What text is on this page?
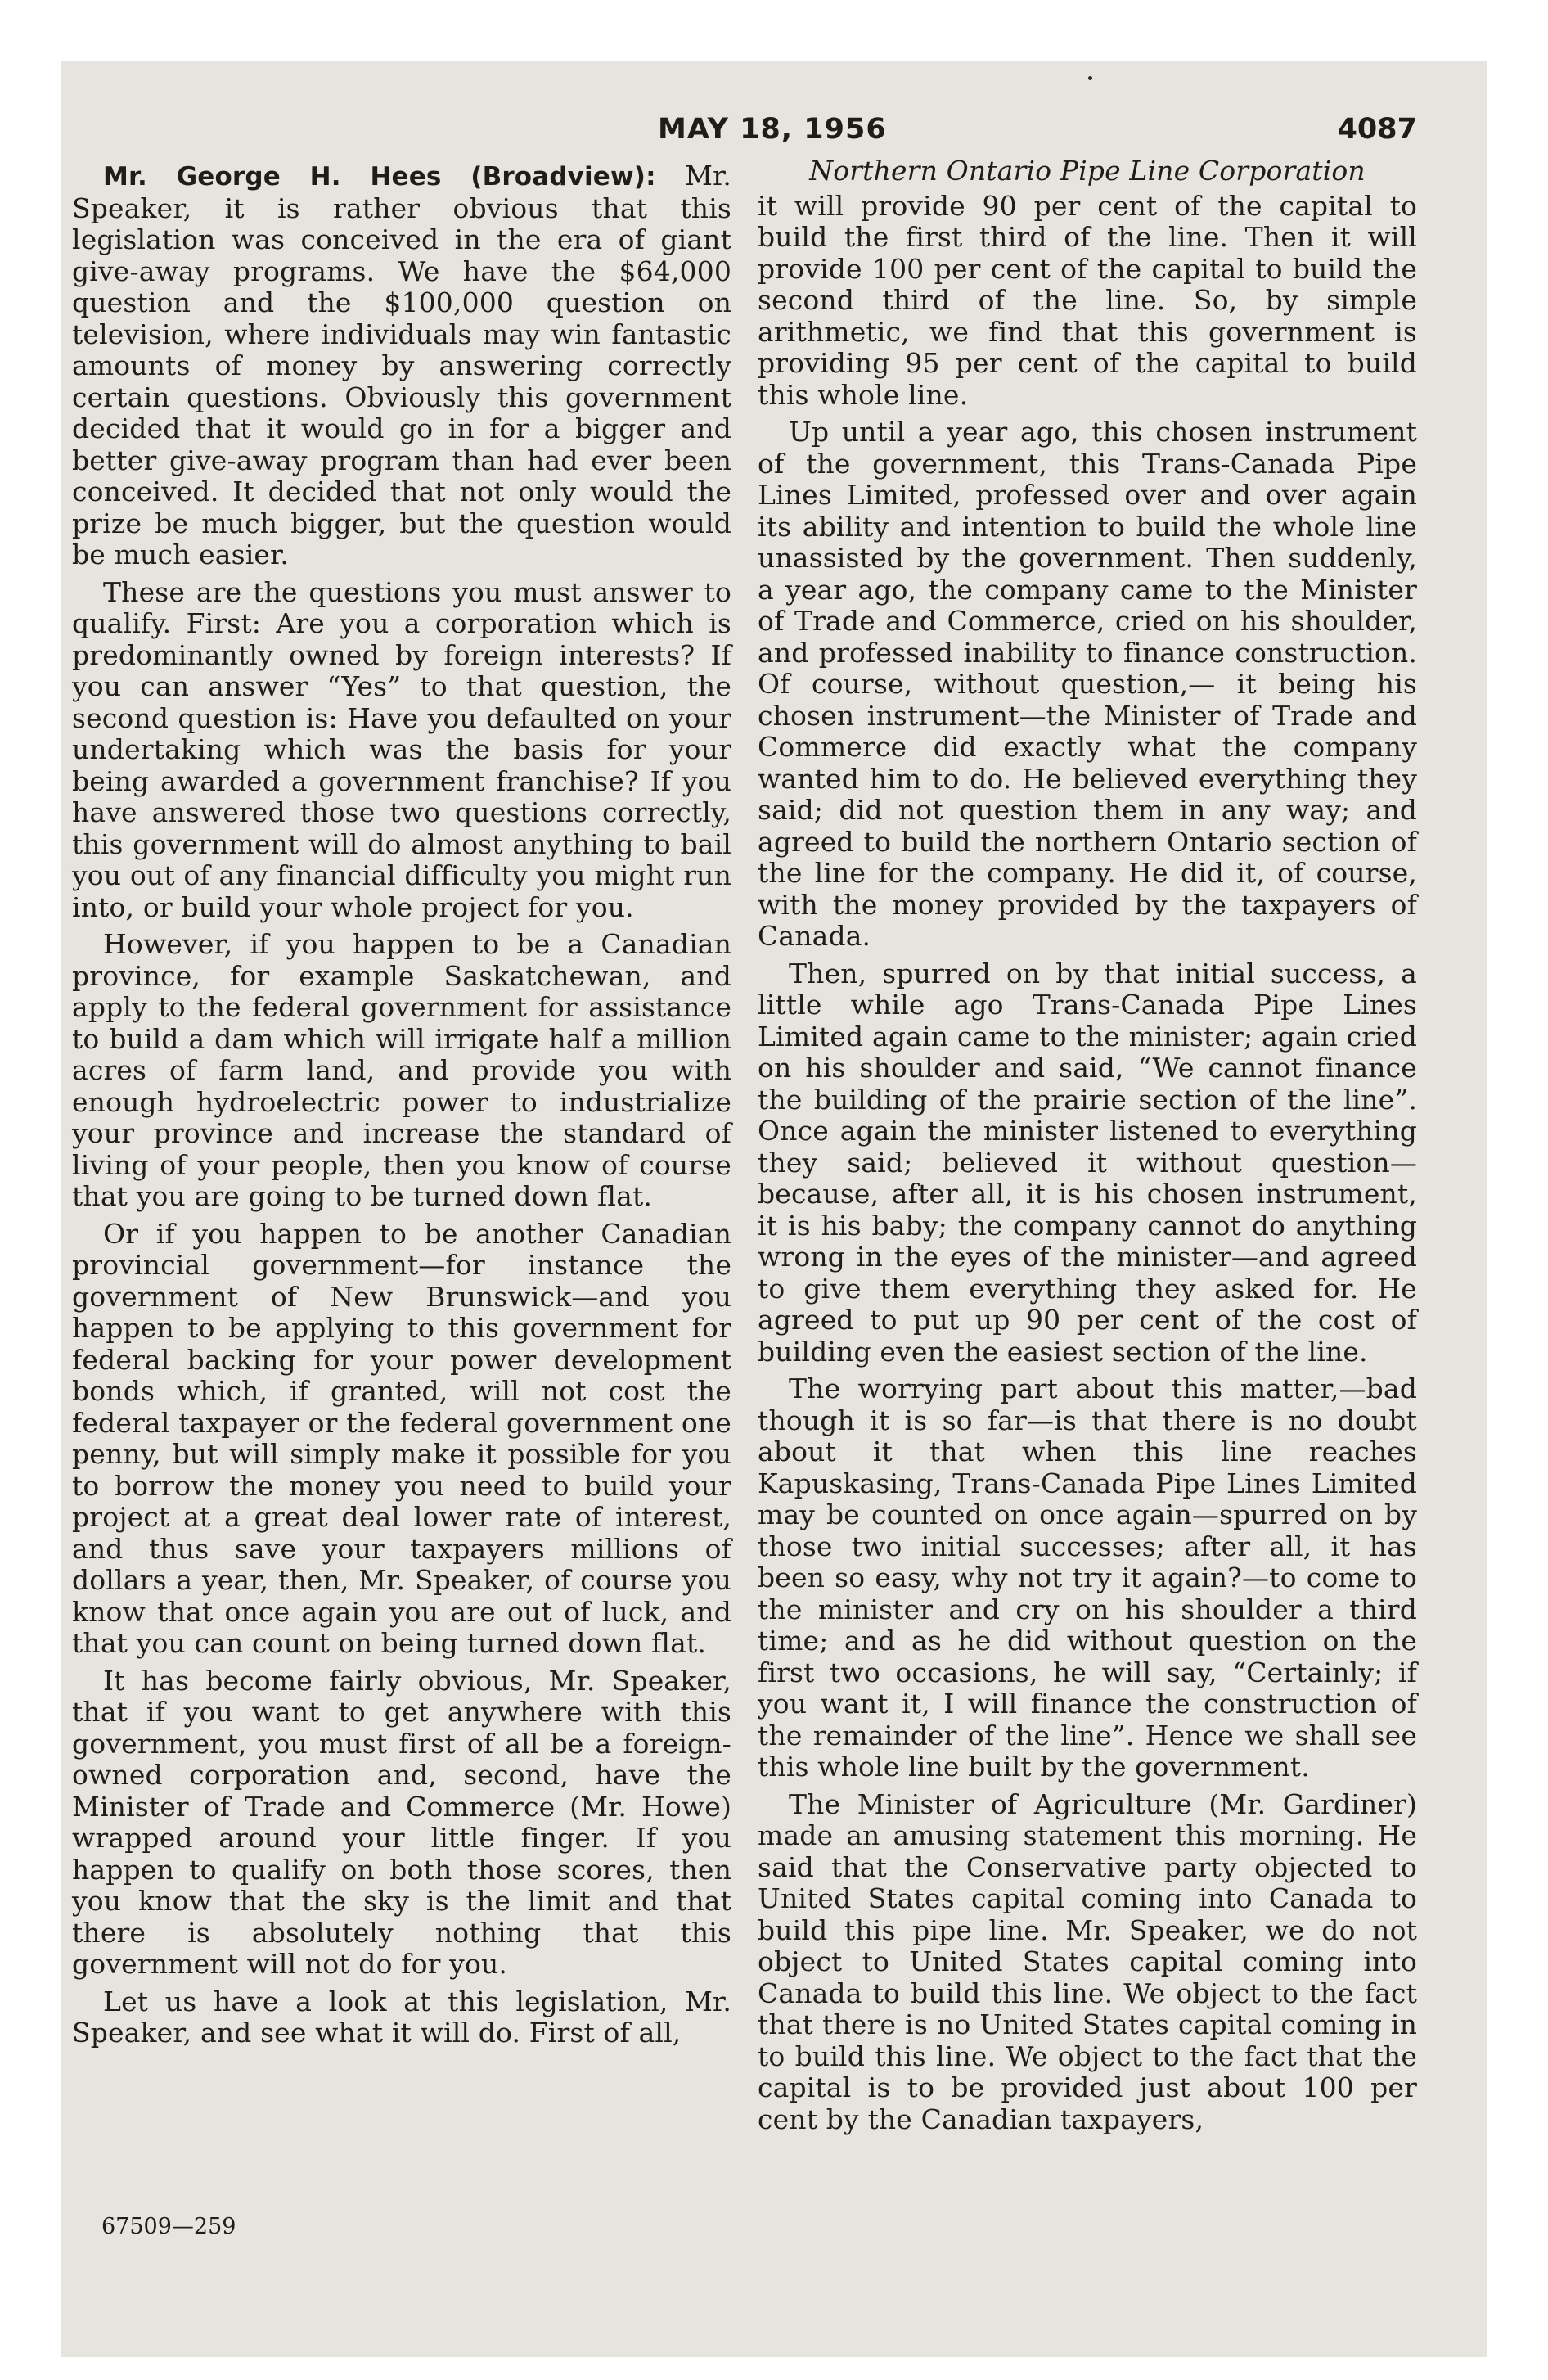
MAY 18, 1956	4087

Mr. George H. Hees (Broadview): Mr. Speaker, it is rather obvious that this legislation was conceived in the era of giant give-away programs. We have the $64,000 question and the $100,000 question on television, where individuals may win fantastic amounts of money by answering correctly certain questions. Obviously this government decided that it would go in for a bigger and better give-away program than had ever been conceived. It decided that not only would the prize be much bigger, but the question would be much easier.

These are the questions you must answer to qualify. First: Are you a corporation which is predominantly owned by foreign interests? If you can answer “Yes” to that question, the second question is: Have you defaulted on your undertaking which was the basis for your being awarded a government franchise? If you have answered those two questions correctly, this government will do almost anything to bail you out of any financial difficulty you might run into, or build your whole project for you.

However, if you happen to be a Canadian province, for example Saskatchewan, and apply to the federal government for assistance to build a dam which will irrigate half a million acres of farm land, and provide you with enough hydroelectric power to industrialize your province and increase the standard of living of your people, then you know of course that you are going to be turned down flat.

Or if you happen to be another Canadian provincial government—for instance the government of New Brunswick—and you happen to be applying to this government for federal backing for your power development bonds which, if granted, will not cost the federal taxpayer or the federal government one penny, but will simply make it possible for you to borrow the money you need to build your project at a great deal lower rate of interest, and thus save your taxpayers millions of dollars a year, then, Mr. Speaker, of course you know that once again you are out of luck, and that you can count on being turned down flat.

It has become fairly obvious, Mr. Speaker, that if you want to get anywhere with this government, you must first of all be a foreign-owned corporation and, second, have the Minister of Trade and Commerce (Mr. Howe) wrapped around your little finger. If you happen to qualify on both those scores, then you know that the sky is the limit and that there is absolutely nothing that this government will not do for you.

Let us have a look at this legislation, Mr. Speaker, and see what it will do. First of all,

Northern Ontario Pipe Line Corporation

it will provide 90 per cent of the capital to build the first third of the line. Then it will provide 100 per cent of the capital to build the second third of the line. So, by simple arithmetic, we find that this government is providing 95 per cent of the capital to build this whole line.

Up until a year ago, this chosen instrument of the government, this Trans-Canada Pipe Lines Limited, professed over and over again its ability and intention to build the whole line unassisted by the government. Then suddenly, a year ago, the company came to the Minister of Trade and Commerce, cried on his shoulder, and professed inability to finance construction. Of course, without question,— it being his chosen instrument—the Minister of Trade and Commerce did exactly what the company wanted him to do. He believed everything they said; did not question them in any way; and agreed to build the northern Ontario section of the line for the company. He did it, of course, with the money provided by the taxpayers of Canada.

Then, spurred on by that initial success, a little while ago Trans-Canada Pipe Lines Limited again came to the minister; again cried on his shoulder and said, “We cannot finance the building of the prairie section of the line”. Once again the minister listened to everything they said; believed it without question— because, after all, it is his chosen instrument, it is his baby; the company cannot do anything wrong in the eyes of the minister—and agreed to give them everything they asked for. He agreed to put up 90 per cent of the cost of building even the easiest section of the line.

The worrying part about this matter,—bad though it is so far—is that there is no doubt about it that when this line reaches Kapuskasing, Trans-Canada Pipe Lines Limited may be counted on once again—spurred on by those two initial successes; after all, it has been so easy, why not try it again?—to come to the minister and cry on his shoulder a third time; and as he did without question on the first two occasions, he will say, “Certainly; if you want it, I will finance the construction of the remainder of the line”. Hence we shall see this whole line built by the government.

The Minister of Agriculture (Mr. Gardiner) made an amusing statement this morning. He said that the Conservative party objected to United States capital coming into Canada to build this pipe line. Mr. Speaker, we do not object to United States capital coming into Canada to build this line. We object to the fact that there is no United States capital coming in to build this line. We object to the fact that the capital is to be provided just about 100 per cent by the Canadian taxpayers,

67509—259
